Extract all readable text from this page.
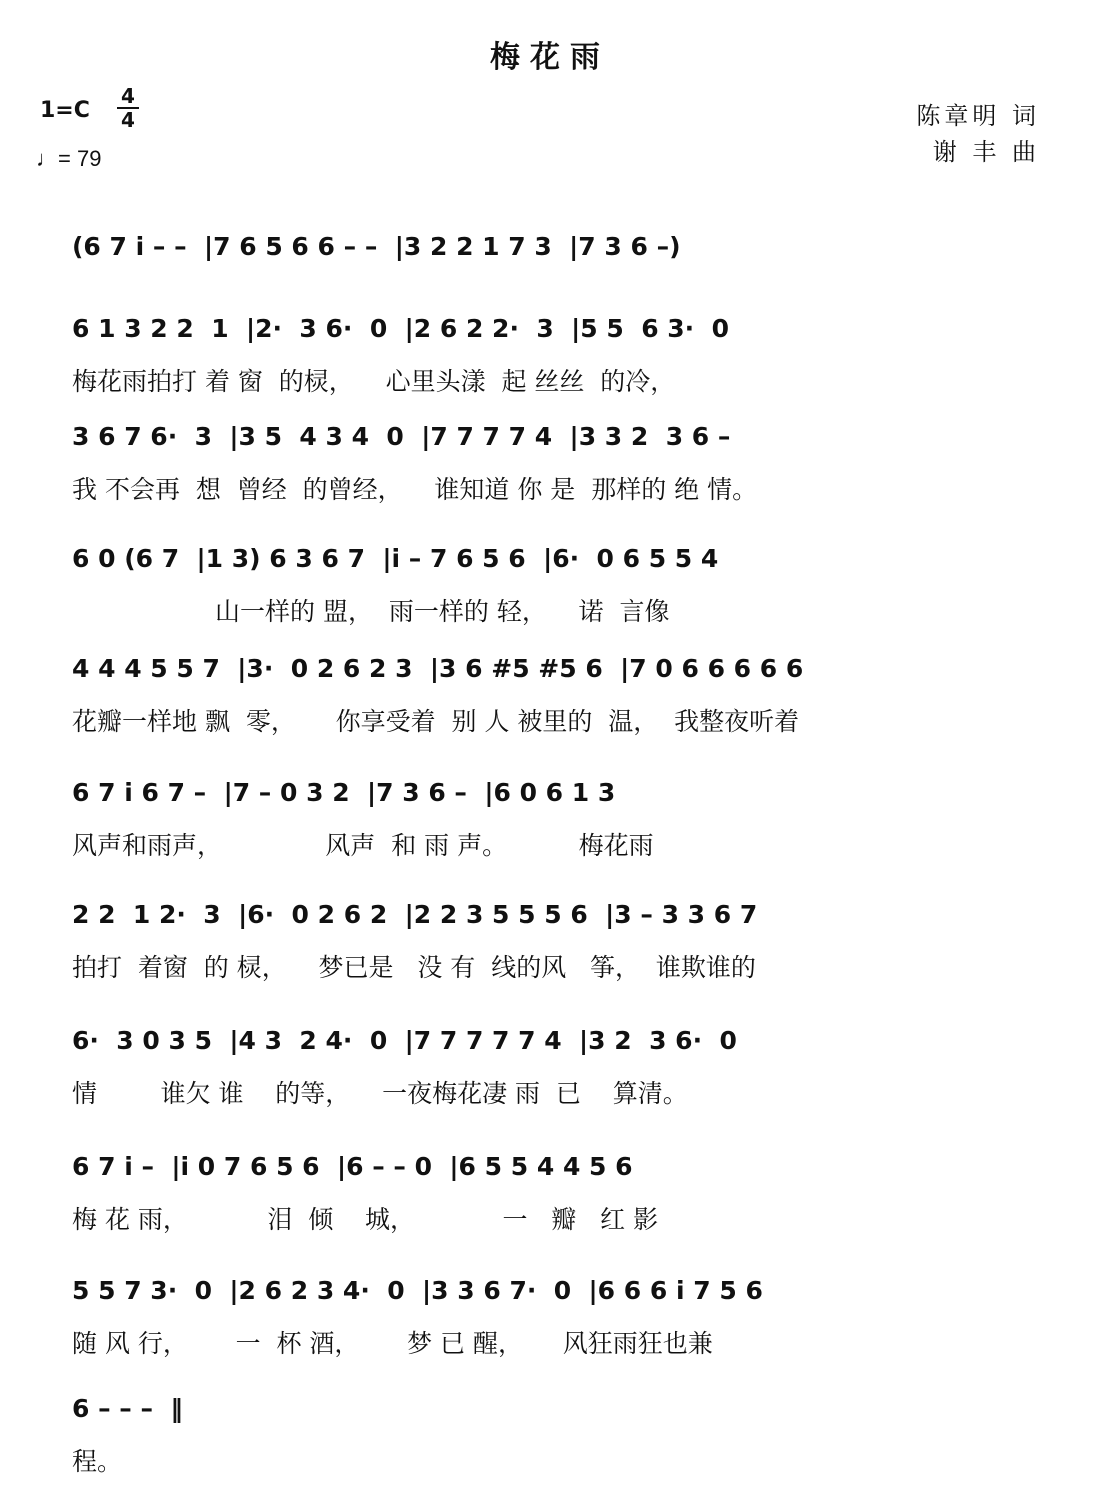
梅花雨
1=C
4
4
♩= 79
陈章明 词
谢 丰 曲
(6 7 i – –  |7 6 5 6 6 – –  |3 2 2 1 7 3  |7 3 6 –)
6 1 3 2 2  1  |2·  3 6·  0  |2 6 2 2·  3  |5 5  6 3·  0
梅花雨拍打 着 窗  的棂，    心里头漾  起 丝丝  的冷，
3 6 7 6·  3  |3 5  4 3 4  0  |7 7 7 7 4  |3 3 2  3 6 –
我 不会再  想  曾经  的曾经，    谁知道 你 是  那样的 绝 情。
6 0 (6 7  |1 3) 6 3 6 7  |i – 7 6 5 6  |6·  0 6 5 5 4
山一样的 盟，  雨一样的 轻，    诺  言像
4 4 4 5 5 7  |3·  0 2 6 2 3  |3 6 #5 #5 6  |7 0 6 6 6 6 6
花瓣一样地 飘  零，     你享受着  别 人 被里的  温，  我整夜听着
6 7 i 6 7 –  |7 – 0 3 2  |7 3 6 –  |6 0 6 1 3
风声和雨声，             风声  和 雨 声。         梅花雨
2 2  1 2·  3  |6·  0 2 6 2  |2 2 3 5 5 5 6  |3 – 3 3 6 7
拍打  着窗  的 棂，    梦已是   没 有  线的风   筝，  谁欺谁的
6·  3 0 3 5  |4 3  2 4·  0  |7 7 7 7 7 4  |3 2  3 6·  0
情        谁欠 谁    的等，    一夜梅花凄 雨  已    算清。
6 7 i –  |i 0 7 6 5 6  |6 – – 0  |6 5 5 4 4 5 6
梅 花 雨，          泪  倾    城，           一   瓣   红 影
5 5 7 3·  0  |2 6 2 3 4·  0  |3 3 6 7·  0  |6 6 6 i 7 5 6
随 风 行，      一  杯 酒，      梦 已 醒，     风狂雨狂也兼
6 – – –  ‖
程。
